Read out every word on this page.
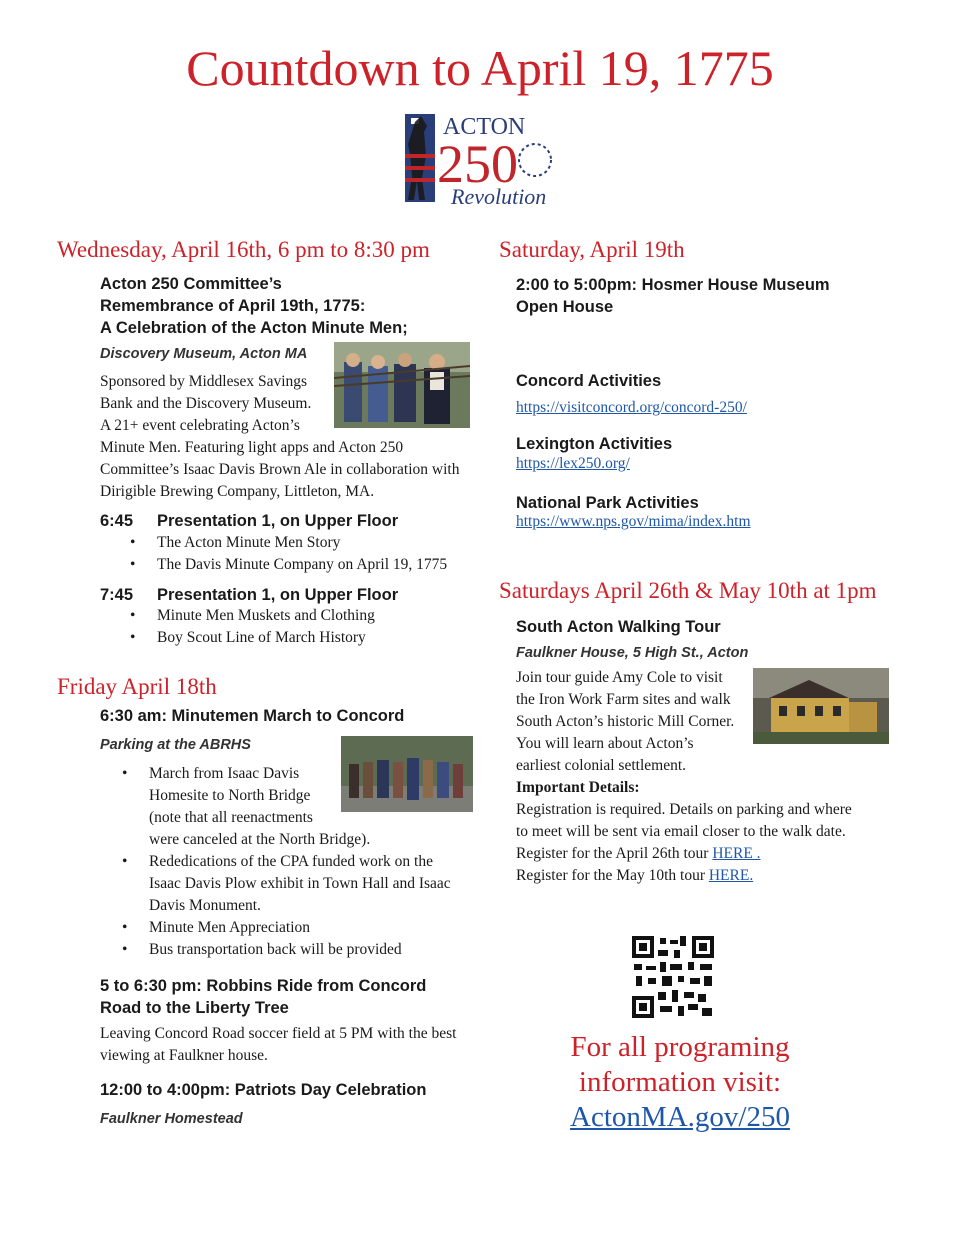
Countdown to April 19, 1775
ACTON
250
Revolution
Wednesday, April 16th, 6 pm to 8:30 pm
Acton 250 Committee’s
Remembrance of April 19th, 1775:
A Celebration of the Acton Minute Men;
Discovery Museum, Acton MA
Sponsored by Middlesex Savings
Bank and the Discovery Museum.
A 21+ event celebrating Acton’s
Minute Men. Featuring light apps and Acton 250
Committee’s Isaac Davis Brown Ale in collaboration with
Dirigible Brewing Company, Littleton, MA.
6:45 Presentation 1, on Upper Floor
• The Acton Minute Men Story
• The Davis Minute Company on April 19, 1775
7:45 Presentation 1, on Upper Floor
• Minute Men Muskets and Clothing
• Boy Scout Line of March History
Friday April 18th
6:30 am: Minutemen March to Concord
Parking at the ABRHS
• March from Isaac Davis
Homesite to North Bridge
(note that all reenactments
were canceled at the North Bridge).
• Rededications of the CPA funded work on the
Isaac Davis Plow exhibit in Town Hall and Isaac
Davis Monument.
• Minute Men Appreciation
• Bus transportation back will be provided
5 to 6:30 pm: Robbins Ride from Concord
Road to the Liberty Tree
Leaving Concord Road soccer field at 5 PM with the best
viewing at Faulkner house.
12:00 to 4:00pm: Patriots Day Celebration
Faulkner Homestead
Saturday, April 19th
2:00 to 5:00pm: Hosmer House Museum
Open House
Concord Activities
https://visitconcord.org/concord-250/
Lexington Activities
https://lex250.org/
National Park Activities
https://www.nps.gov/mima/index.htm
Saturdays April 26th & May 10th at 1pm
South Acton Walking Tour
Faulkner House, 5 High St., Acton
Join tour guide Amy Cole to visit
the Iron Work Farm sites and walk
South Acton’s historic Mill Corner.
You will learn about Acton’s
earliest colonial settlement.
Important Details:
Registration is required. Details on parking and where
to meet will be sent via email closer to the walk date.
Register for the April 26th tour HERE .
Register for the May 10th tour HERE.
For all programing
information visit:
ActonMA.gov/250
